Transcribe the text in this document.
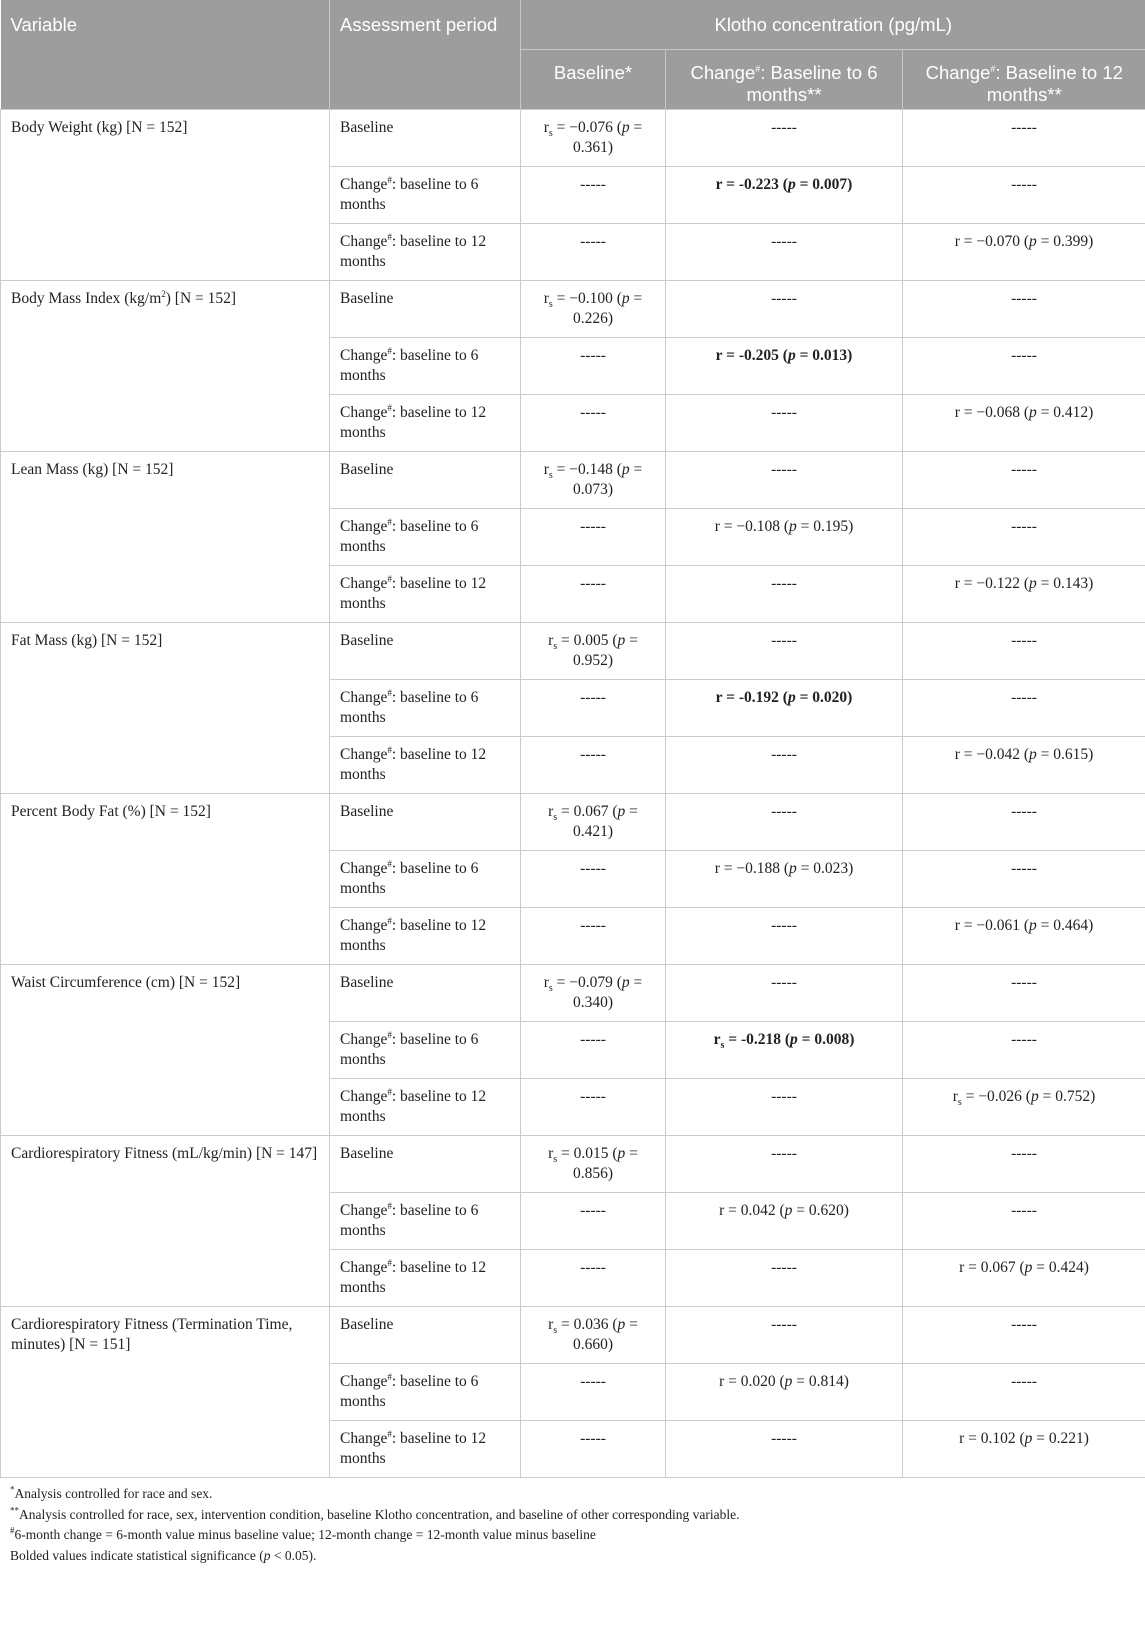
Variable	Assessment period	Klotho concentration (pg/mL)		
		Baseline*	Change#: Baseline to 6 months**	Change#: Baseline to 12 months**
Body Weight (kg) [N = 152]	Baseline	$r_s = -0.076$ (p = 0.361)	-----	-----
	Change#: baseline to 6 months	-----	r = -0.223 (p = 0.007)	-----
	Change#: baseline to 12 months	-----	-----	r = −0.070 (p = 0.399)
Body Mass Index $(kg/m^2) [N = 152]$	Baseline	$r_s = -0.100$ (p = 0.226)	-----	-----
	Change#: baseline to 6 months	-----	r = -0.205 (p = 0.013)	-----
	Change#: baseline to 12 months	-----	-----	r = −0.068 (p = 0.412)
Lean Mass (kg) [N = 152]	Baseline	$r_s = -0.148$ (p = 0.073)	-----	-----
	Change#: baseline to 6 months	-----	r = −0.108 (p = 0.195)	-----
	Change#: baseline to 12 months	-----	-----	r = −0.122 (p = 0.143)
Fat Mass (kg) [N = 152]	Baseline	$r_s = 0.005$ (p = 0.952)	-----	-----
	Change#: baseline to 6 months	-----	r = -0.192 (p = 0.020)	-----
	Change#: baseline to 12 months	-----	-----	r = −0.042 (p = 0.615)
Percent Body Fat (%) [N = 152]	Baseline	$r_s = 0.067$ (p = 0.421)	-----	-----
	Change#: baseline to 6 months	-----	r = −0.188 (p = 0.023)	-----
	Change#: baseline to 12 months	-----	-----	r = −0.061 (p = 0.464)
Waist Circumference (cm) [N = 152]	Baseline	$r_s = -0.079$ (p = 0.340)	-----	-----
	Change#: baseline to 6 months	-----	$r_s = -0.218$ (p = 0.008)	-----
	Change#: baseline to 12 months	-----	-----	$r_s = -0.026$ (p = 0.752)
Cardiorespiratory Fitness (mL/kg/min) [N = 147]	Baseline	$r_s = 0.015$ (p = 0.856)	-----	-----
	Change#: baseline to 6 months	-----	r = 0.042 (p = 0.620)	-----
	Change#: baseline to 12 months	-----	-----	r = 0.067 (p = 0.424)
Cardiorespiratory Fitness (Termination Time, minutes) [N = 151]	Baseline	$r_s = 0.036$ (p = 0.660)	-----	-----
	Change#: baseline to 6 months	-----	r = 0.020 (p = 0.814)	-----
	Change#: baseline to 12 months	-----	-----	r = 0.102 (p = 0.221)
*Analysis controlled for race and sex.
**Analysis controlled for race, sex, intervention condition, baseline Klotho concentration, and baseline of other corresponding variable.
#6-month change = 6-month value minus baseline value; 12-month change = 12-month value minus baseline
Bolded values indicate statistical significance (p < 0.05).
